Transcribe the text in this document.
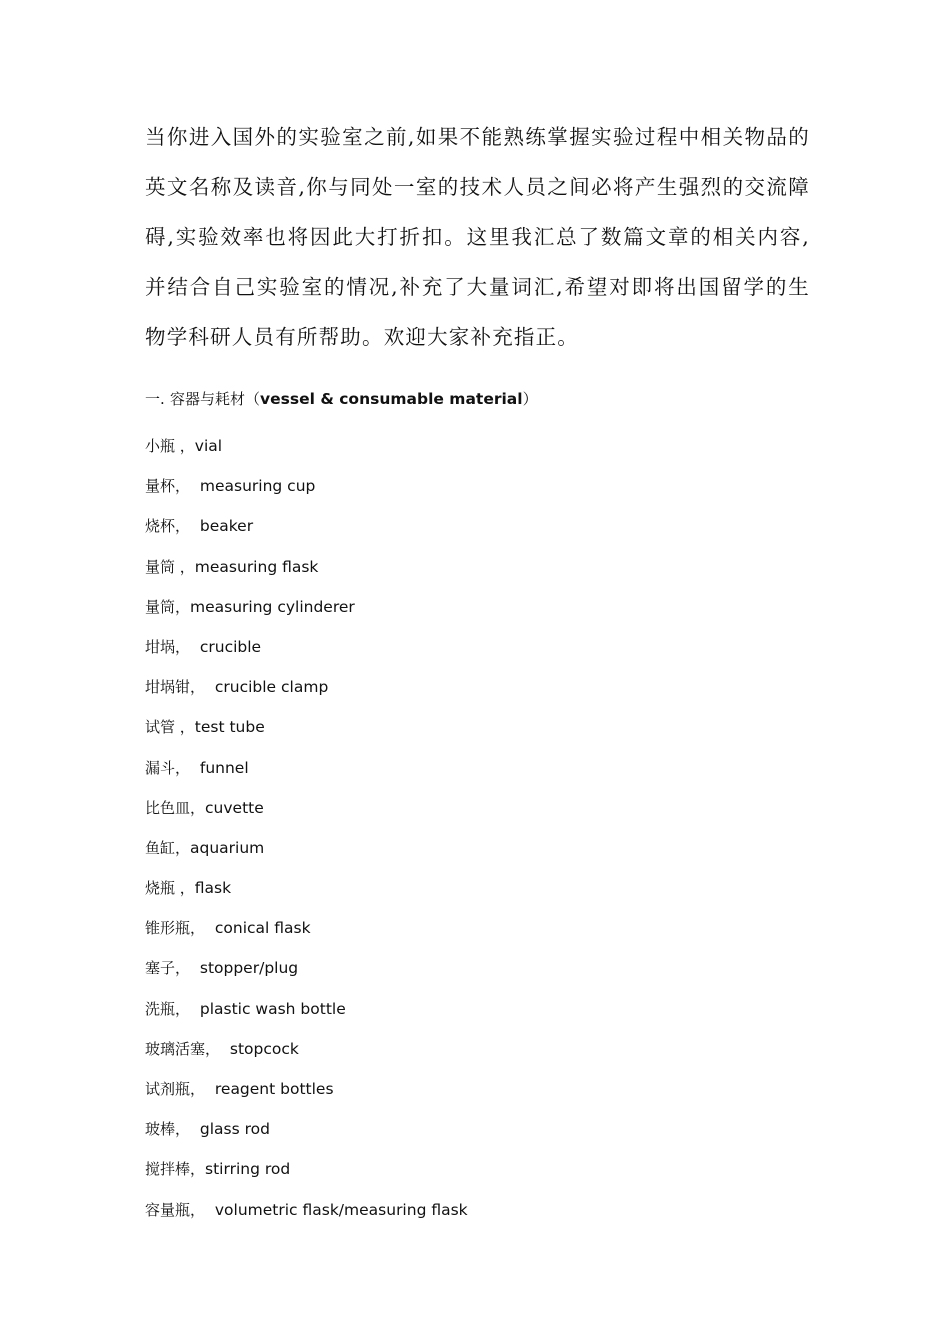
当你进入国外的实验室之前,如果不能熟练掌握实验过程中相关物品的英文名称及读音,你与同处一室的技术人员之间必将产生强烈的交流障碍,实验效率也将因此大打折扣。这里我汇总了数篇文章的相关内容,并结合自己实验室的情况,补充了大量词汇,希望对即将出国留学的生物学科研人员有所帮助。欢迎大家补充指正。

一. 容器与耗材（vessel & consumable material）
小瓶 ，vial
量杯，  measuring cup
烧杯，  beaker
量筒 ，measuring flask
量筒，measuring cylinderer
坩埚，  crucible
坩埚钳，  crucible clamp
试管 ，test tube
漏斗，  funnel
比色皿，cuvette
鱼缸，aquarium
烧瓶 ，flask
锥形瓶，  conical flask
塞子，  stopper/plug
洗瓶，  plastic wash bottle
玻璃活塞，  stopcock
试剂瓶，  reagent bottles
玻棒，  glass rod
搅拌棒，stirring rod
容量瓶，  volumetric flask/measuring flask
